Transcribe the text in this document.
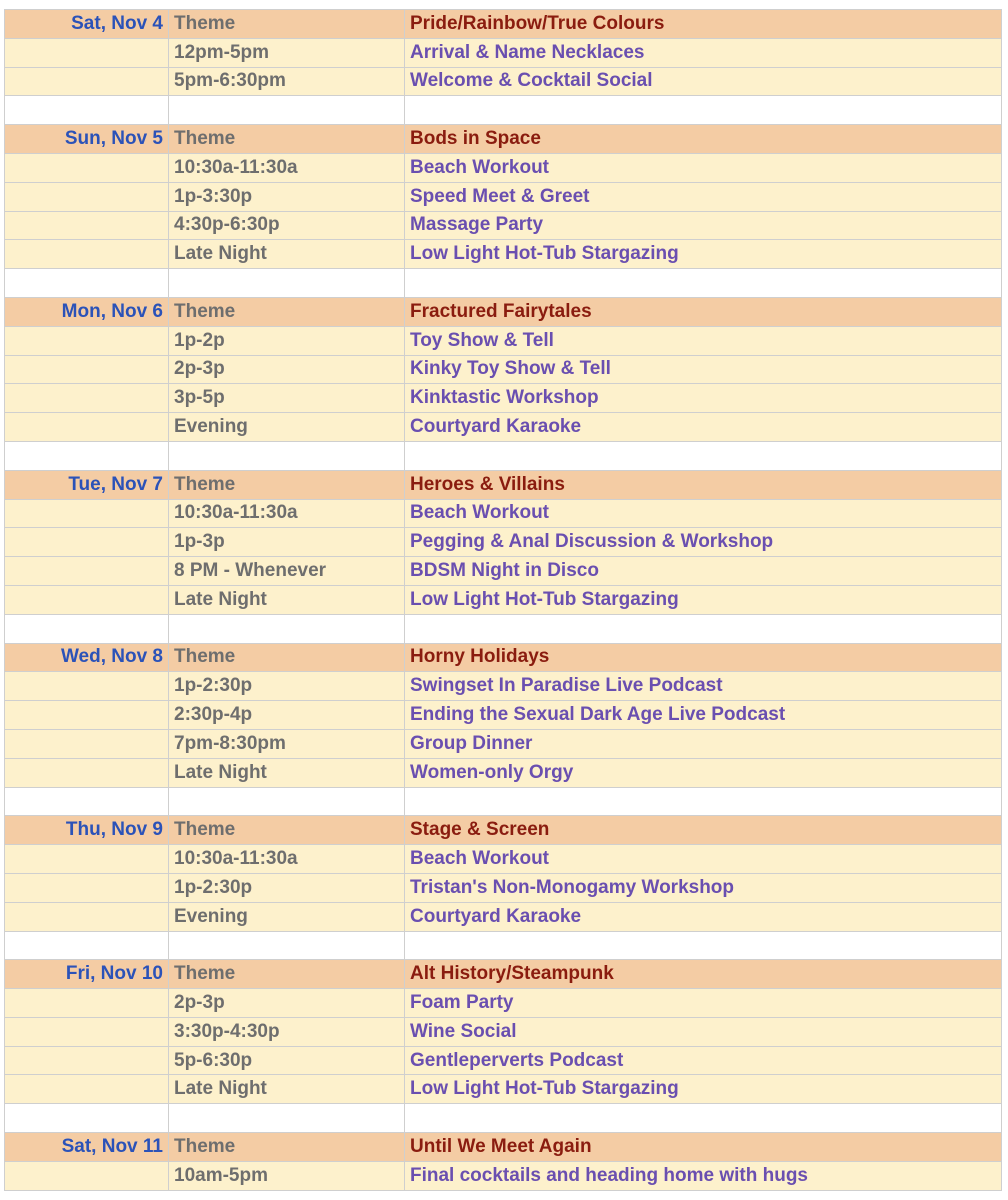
Sat, Nov 4	Theme	Pride/Rainbow/True Colours
	12pm-5pm	Arrival & Name Necklaces
	5pm-6:30pm	Welcome & Cocktail Social

Sun, Nov 5	Theme	Bods in Space
	10:30a-11:30a	Beach Workout
	1p-3:30p	Speed Meet & Greet
	4:30p-6:30p	Massage Party
	Late Night	Low Light Hot-Tub Stargazing

Mon, Nov 6	Theme	Fractured Fairytales
	1p-2p	Toy Show & Tell
	2p-3p	Kinky Toy Show & Tell
	3p-5p	Kinktastic Workshop
	Evening	Courtyard Karaoke

Tue, Nov 7	Theme	Heroes & Villains
	10:30a-11:30a	Beach Workout
	1p-3p	Pegging & Anal Discussion & Workshop
	8 PM - Whenever	BDSM Night in Disco
	Late Night	Low Light Hot-Tub Stargazing

Wed, Nov 8	Theme	Horny Holidays
	1p-2:30p	Swingset In Paradise Live Podcast
	2:30p-4p	Ending the Sexual Dark Age Live Podcast
	7pm-8:30pm	Group Dinner
	Late Night	Women-only Orgy

Thu, Nov 9	Theme	Stage & Screen
	10:30a-11:30a	Beach Workout
	1p-2:30p	Tristan's Non-Monogamy Workshop
	Evening	Courtyard Karaoke

Fri, Nov 10	Theme	Alt History/Steampunk
	2p-3p	Foam Party
	3:30p-4:30p	Wine Social
	5p-6:30p	Gentleperverts Podcast
	Late Night	Low Light Hot-Tub Stargazing

Sat, Nov 11	Theme	Until We Meet Again
	10am-5pm	Final cocktails and heading home with hugs
